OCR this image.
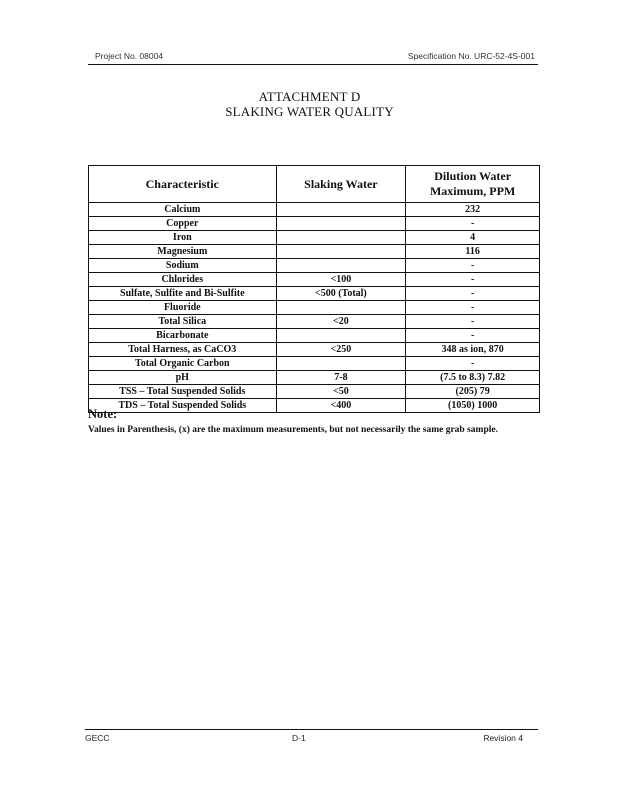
Project No. 08004	Specification No. URC-52-4S-001
ATTACHMENT D
SLAKING WATER QUALITY
Characteristic	Slaking Water	Dilution Water Maximum, PPM
Calcium		232
Copper		-
Iron		4
Magnesium		116
Sodium		-
Chlorides	<100	-
Sulfate, Sulfite and Bi-Sulfite	<500 (Total)	-
Fluoride		-
Total Silica	<20	-
Bicarbonate		-
Total Harness, as CaCO3	<250	348 as ion, 870
Total Organic Carbon		-
pH	7-8	(7.5 to 8.3) 7.82
TSS – Total Suspended Solids	<50	(205) 79
TDS – Total Suspended Solids	<400	(1050) 1000
Note:
Values in Parenthesis, (x) are the maximum measurements, but not necessarily the same grab sample.
GECC	D-1	Revision 4
